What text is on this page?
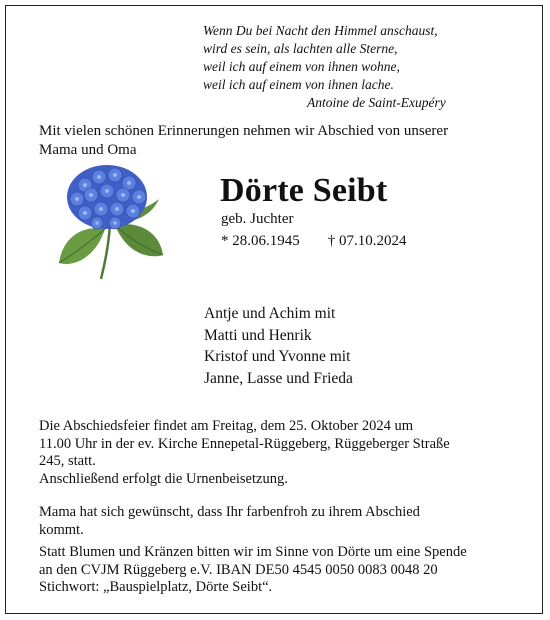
Wenn Du bei Nacht den Himmel anschaust,
wird es sein, als lachten alle Sterne,
weil ich auf einem von ihnen wohne,
weil ich auf einem von ihnen lache.
Antoine de Saint-Exupéry
Mit vielen schönen Erinnerungen nehmen wir Abschied von unserer
Mama und Oma
Dörte Seibt
geb. Juchter
* 28.06.1945 † 07.10.2024
Antje und Achim mit
Matti und Henrik
Kristof und Yvonne mit
Janne, Lasse und Frieda
Die Abschiedsfeier findet am Freitag, dem 25. Oktober 2024 um
11.00 Uhr in der ev. Kirche Ennepetal-Rüggeberg, Rüggeberger Straße
245, statt.
Anschließend erfolgt die Urnenbeisetzung.
Mama hat sich gewünscht, dass Ihr farbenfroh zu ihrem Abschied
kommt.
Statt Blumen und Kränzen bitten wir im Sinne von Dörte um eine Spende
an den CVJM Rüggeberg e.V. IBAN DE50 4545 0050 0083 0048 20
Stichwort: „Bauspielplatz, Dörte Seibt“.
